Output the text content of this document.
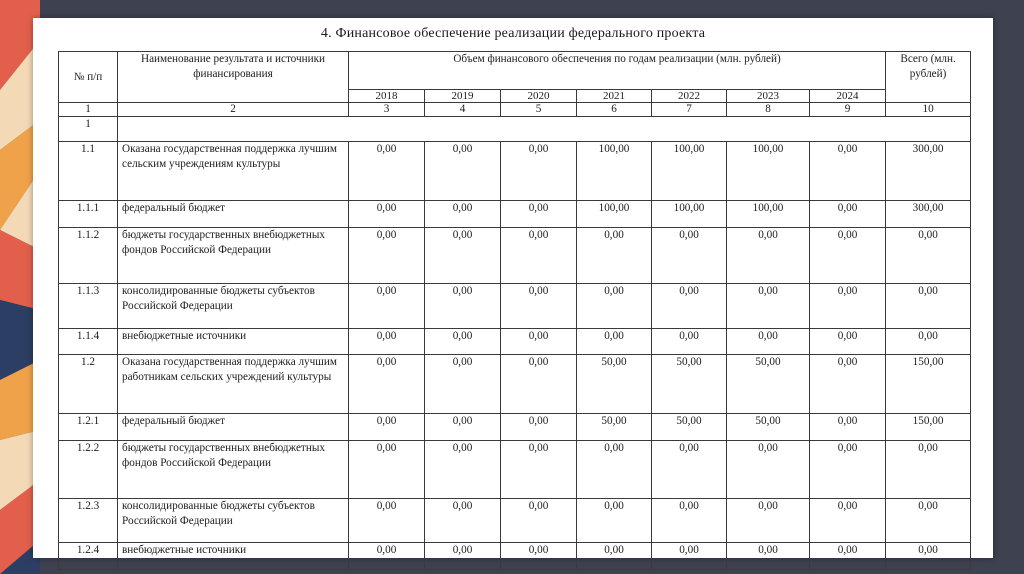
4. Финансовое обеспечение реализации федерального проекта
№ п/п	Наименование результата и источники финансирования	Объем финансового обеспечения по годам реализации (млн. рублей)							Всего (млн. рублей)
		2018	2019	2020	2021	2022	2023	2024	
1	2	3	4	5	6	7	8	9	10
1									
1.1	Оказана государственная поддержка лучшим сельским учреждениям культуры	0,00	0,00	0,00	100,00	100,00	100,00	0,00	300,00
1.1.1	федеральный бюджет	0,00	0,00	0,00	100,00	100,00	100,00	0,00	300,00
1.1.2	бюджеты государственных внебюджетных фондов Российской Федерации	0,00	0,00	0,00	0,00	0,00	0,00	0,00	0,00
1.1.3	консолидированные бюджеты субъектов Российской Федерации	0,00	0,00	0,00	0,00	0,00	0,00	0,00	0,00
1.1.4	внебюджетные источники	0,00	0,00	0,00	0,00	0,00	0,00	0,00	0,00
1.2	Оказана государственная поддержка лучшим работникам сельских учреждений культуры	0,00	0,00	0,00	50,00	50,00	50,00	0,00	150,00
1.2.1	федеральный бюджет	0,00	0,00	0,00	50,00	50,00	50,00	0,00	150,00
1.2.2	бюджеты государственных внебюджетных фондов Российской Федерации	0,00	0,00	0,00	0,00	0,00	0,00	0,00	0,00
1.2.3	консолидированные бюджеты субъектов Российской Федерации	0,00	0,00	0,00	0,00	0,00	0,00	0,00	0,00
1.2.4	внебюджетные источники	0,00	0,00	0,00	0,00	0,00	0,00	0,00	0,00
